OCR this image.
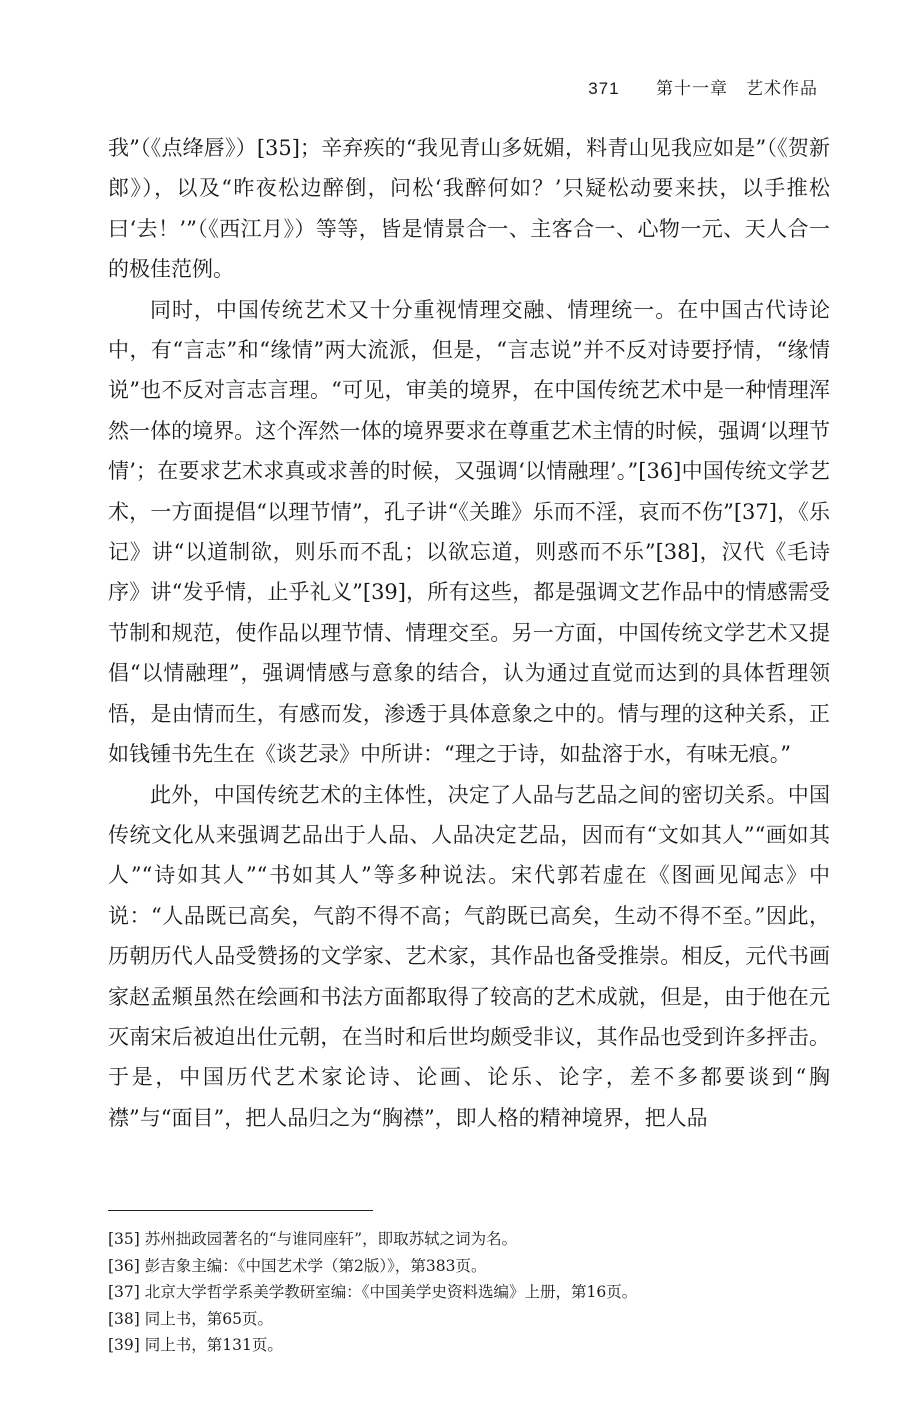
371 第十一章　艺术作品

我”（《点绛唇》）[35]；辛弃疾的“我见青山多妩媚，料青山见我应如是”（《贺新郎》），以及“昨夜松边醉倒，问松‘我醉何如？’只疑松动要来扶，以手推松曰‘去！’”（《西江月》）等等，皆是情景合一、主客合一、心物一元、天人合一的极佳范例。

同时，中国传统艺术又十分重视情理交融、情理统一。在中国古代诗论中，有“言志”和“缘情”两大流派，但是，“言志说”并不反对诗要抒情，“缘情说”也不反对言志言理。“可见，审美的境界，在中国传统艺术中是一种情理浑然一体的境界。这个浑然一体的境界要求在尊重艺术主情的时候，强调‘以理节情’；在要求艺术求真或求善的时候，又强调‘以情融理’。”[36]中国传统文学艺术，一方面提倡“以理节情”，孔子讲“《关雎》乐而不淫，哀而不伤”[37]，《乐记》讲“以道制欲，则乐而不乱；以欲忘道，则惑而不乐”[38]，汉代《毛诗序》讲“发乎情，止乎礼义”[39]，所有这些，都是强调文艺作品中的情感需受节制和规范，使作品以理节情、情理交至。另一方面，中国传统文学艺术又提倡“以情融理”，强调情感与意象的结合，认为通过直觉而达到的具体哲理领悟，是由情而生，有感而发，渗透于具体意象之中的。情与理的这种关系，正如钱锺书先生在《谈艺录》中所讲：“理之于诗，如盐溶于水，有味无痕。”

此外，中国传统艺术的主体性，决定了人品与艺品之间的密切关系。中国传统文化从来强调艺品出于人品、人品决定艺品，因而有“文如其人”“画如其人”“诗如其人”“书如其人”等多种说法。宋代郭若虚在《图画见闻志》中说：“人品既已高矣，气韵不得不高；气韵既已高矣，生动不得不至。”因此，历朝历代人品受赞扬的文学家、艺术家，其作品也备受推崇。相反，元代书画家赵孟頫虽然在绘画和书法方面都取得了较高的艺术成就，但是，由于他在元灭南宋后被迫出仕元朝，在当时和后世均颇受非议，其作品也受到许多抨击。于是，中国历代艺术家论诗、论画、论乐、论字，差不多都要谈到“胸襟”与“面目”，把人品归之为“胸襟”，即人格的精神境界，把人品

[35] 苏州拙政园著名的“与谁同座轩”，即取苏轼之词为名。
[36] 彭吉象主编：《中国艺术学（第2版）》，第383页。
[37] 北京大学哲学系美学教研室编：《中国美学史资料选编》上册，第16页。
[38] 同上书，第65页。
[39] 同上书，第131页。
